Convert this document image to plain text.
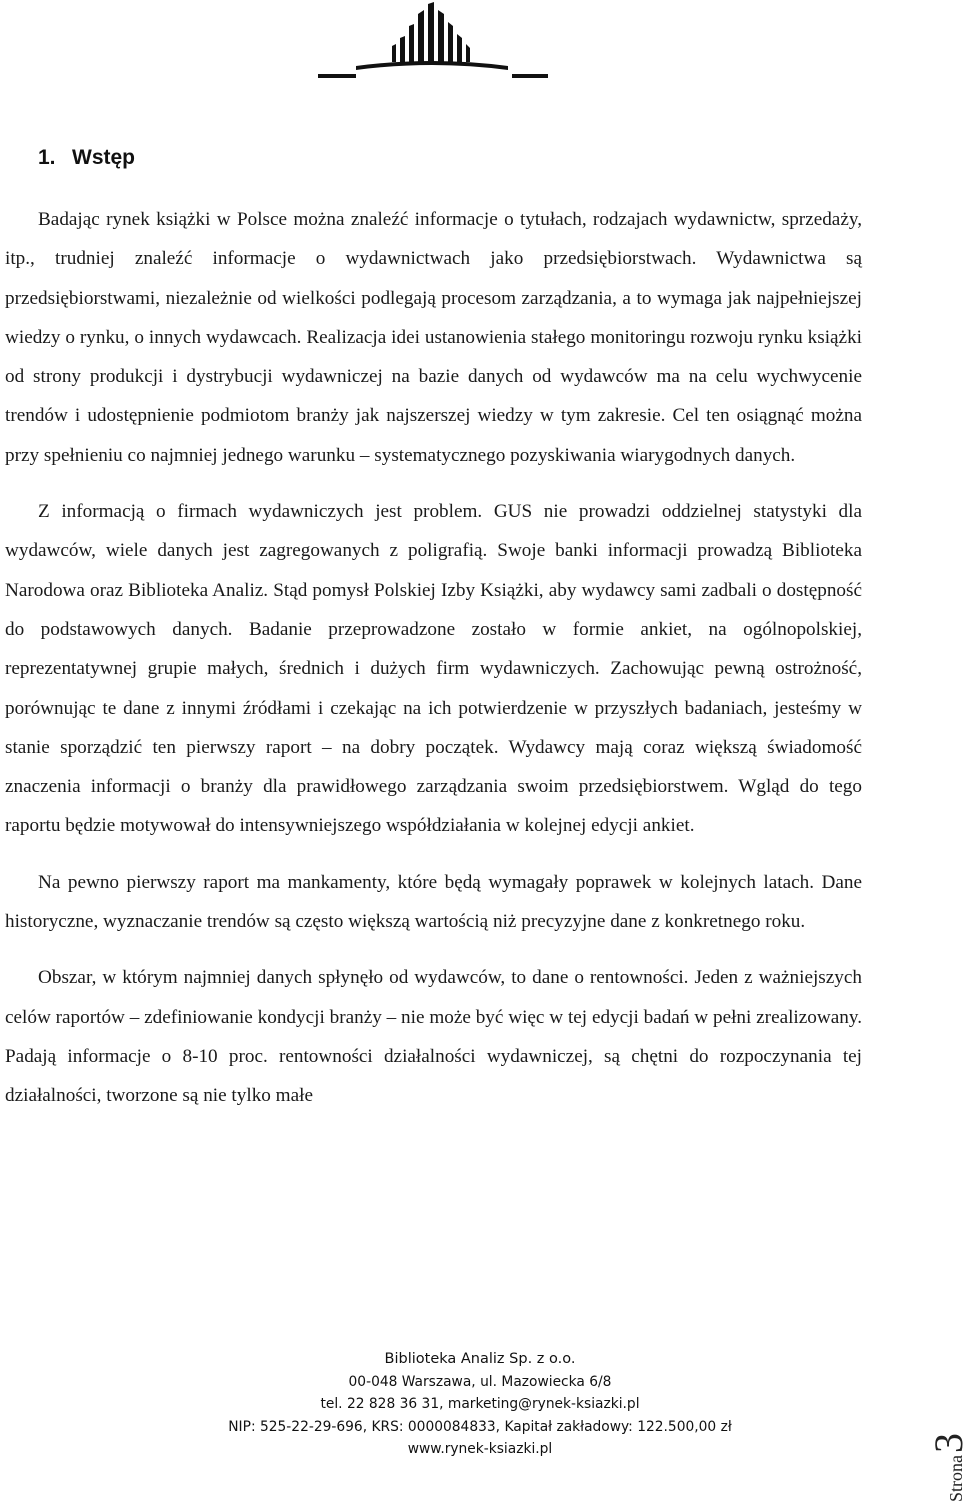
1. Wstęp

Badając rynek książki w Polsce można znaleźć informacje o tytułach, rodzajach wydawnictw, sprzedaży, itp., trudniej znaleźć informacje o wydawnictwach jako przedsiębiorstwach. Wydawnictwa są przedsiębiorstwami, niezależnie od wielkości podlegają procesom zarządzania, a to wymaga jak najpełniejszej wiedzy o rynku, o innych wydawcach. Realizacja idei ustanowienia stałego monitoringu rozwoju rynku książki od strony produkcji i dystrybucji wydawniczej na bazie danych od wydawców ma na celu wychwycenie trendów i udostępnienie podmiotom branży jak najszerszej wiedzy w tym zakresie. Cel ten osiągnąć można przy spełnieniu co najmniej jednego warunku – systematycznego pozyskiwania wiarygodnych danych.

Z informacją o firmach wydawniczych jest problem. GUS nie prowadzi oddzielnej statystyki dla wydawców, wiele danych jest zagregowanych z poligrafią. Swoje banki informacji prowadzą Biblioteka Narodowa oraz Biblioteka Analiz. Stąd pomysł Polskiej Izby Książki, aby wydawcy sami zadbali o dostępność do podstawowych danych. Badanie przeprowadzone zostało w formie ankiet, na ogólnopolskiej, reprezentatywnej grupie małych, średnich i dużych firm wydawniczych. Zachowując pewną ostrożność, porównując te dane z innymi źródłami i czekając na ich potwierdzenie w przyszłych badaniach, jesteśmy w stanie sporządzić ten pierwszy raport – na dobry początek. Wydawcy mają coraz większą świadomość znaczenia informacji o branży dla prawidłowego zarządzania swoim przedsiębiorstwem. Wgląd do tego raportu będzie motywował do intensywniejszego współdziałania w kolejnej edycji ankiet.

Na pewno pierwszy raport ma mankamenty, które będą wymagały poprawek w kolejnych latach. Dane historyczne, wyznaczanie trendów są często większą wartością niż precyzyjne dane z konkretnego roku.

Obszar, w którym najmniej danych spłynęło od wydawców, to dane o rentowności. Jeden z ważniejszych celów raportów – zdefiniowanie kondycji branży – nie może być więc w tej edycji badań w pełni zrealizowany. Padają informacje o 8-10 proc. rentowności działalności wydawniczej, są chętni do rozpoczynania tej działalności, tworzone są nie tylko małe

Biblioteka Analiz Sp. z o.o.
00-048 Warszawa, ul. Mazowiecka 6/8
tel. 22 828 36 31, marketing@rynek-ksiazki.pl
NIP: 525-22-29-696, KRS: 0000084833, Kapitał zakładowy: 122.500,00 zł
www.rynek-ksiazki.pl
Strona
3
